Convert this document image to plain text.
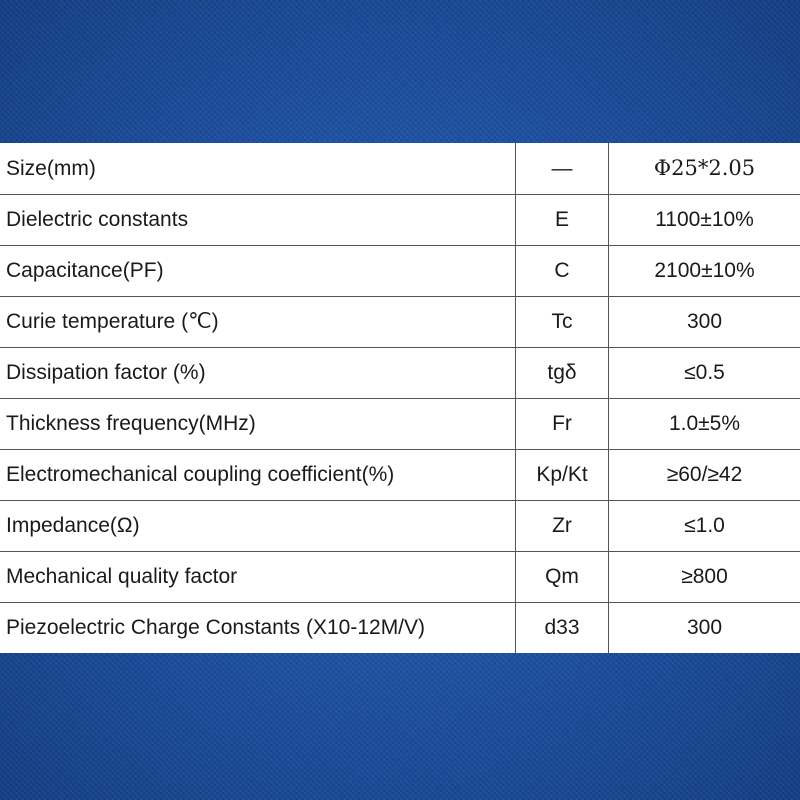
Size(mm)	—	Φ25*2.05
Dielectric constants	E	1100±10%
Capacitance(PF)	C	2100±10%
Curie temperature (℃)	Tc	300
Dissipation factor (%)	tgδ	≤0.5
Thickness frequency(MHz)	Fr	1.0±5%
Electromechanical coupling coefficient(%)	Kp/Kt	≥60/≥42
Impedance(Ω)	Zr	≤1.0
Mechanical quality factor	Qm	≥800
Piezoelectric Charge Constants (X10-12M/V)	d33	300
